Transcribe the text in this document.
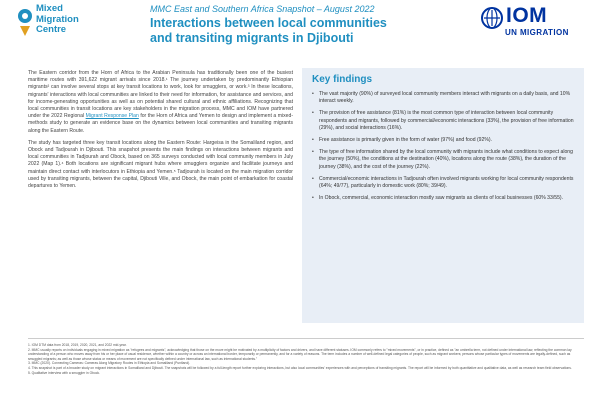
Mixed
Migration
Centre
MMC East and Southern Africa Snapshot – August 2022
Interactions between local communities and transiting migrants in Djibouti
IOM
UN MIGRATION

The Eastern corridor from the Horn of Africa to the Arabian Peninsula has traditionally been one of the busiest maritime routes with 391,622 migrant arrivals since 2018.¹ The journey undertaken by predominantly Ethiopian migrants² can involve several stops at key transit locations to work, look for smugglers, or work.³ In these locations, migrants' interactions with local communities are linked to their need for information, for assistance and services, and for income-generating opportunities as well as on potential shared cultural and ethnic affiliations. Recognizing that local communities in transit locations are key stakeholders in the migration process, MMC and IOM have partnered under the 2022 Regional Migrant Response Plan for the Horn of Africa and Yemen to design and implement a mixed-methods study to generate an evidence base on the dynamics between local communities and transiting migrants along the Eastern Route.

The study has targeted three key transit locations along the Eastern Route: Hargeisa in the Somaliland region, and Obock and Tadjourah in Djibouti. This snapshot presents the main findings on interactions between migrants and local communities in Tadjourah and Obock, based on 365 surveys conducted with local community members in July 2022 (Map 1).⁴ Both locations are significant migrant hubs where smugglers organize and facilitate journeys and maintain direct contact with interlocutors in Ethiopia and Yemen.⁵ Tadjourah is located on the main migration corridor used by transiting migrants, between the capital, Djibouti Ville, and Obock, the main point of embarkation for coastal departures to Yemen.

Key findings
• The vast majority (90%) of surveyed local community members interact with migrants on a daily basis, and 10% interact weekly.
• The provision of free assistance (81%) is the most common type of interaction between local community respondents and migrants, followed by commercial/economic interactions (33%), the provision of free information (29%), and social interactions (16%).
• Free assistance is primarily given in the form of water (97%) and food (92%).
• The type of free information shared by the local community with migrants include what conditions to expect along the journey (50%), the conditions at the destination (40%), locations along the route (38%), the duration of the journey (38%), and the cost of the journey (22%).
• Commercial/economic interactions in Tadjourah often involved migrants working for local community respondents (64%; 49/77), particularly in domestic work (80%; 39/49).
• In Obock, commercial, economic interaction mostly saw migrants as clients of local businesses (60% 33/55).
1. IOM DTM data from 2018, 2019, 2020, 2021, and 2022 mid-year.
2. MMC usually reports on individuals engaging in mixed migration as "refugees and migrants", acknowledging that those on the move might be motivated by a multiplicity of factors and drivers, and have different statuses. IOM commonly refers to "mixed movements", or in practice, defined as "an umbrella term, not defined under international law, reflecting the common lay understanding of a person who moves away from his or her place of usual residence, whether within a country or across an international border, temporarily or permanently, and for a variety of reasons. The term includes a number of well-defined legal categories of people, such as migrant workers; persons whose particular types of movements are legally-defined, such as smuggled migrants; as well as those whose status or means of movement are not specifically defined under international law, such as international students."
3. MMC (2020). Connecting Cameras: Cameras Along Migratory Routes in Ethiopia and Somaliland (Puntland).
4. This snapshot is part of a broader study on migrant interactions in Somaliland and Djibouti. The snapshots will be followed by a full-length report further exploring interactions, but also local communities' experiences with and perceptions of transiting migrants. The report will be informed by both quantitative and qualitative data, as well as research team field observations.
5. Qualitative interview with a smuggler in Obock.
